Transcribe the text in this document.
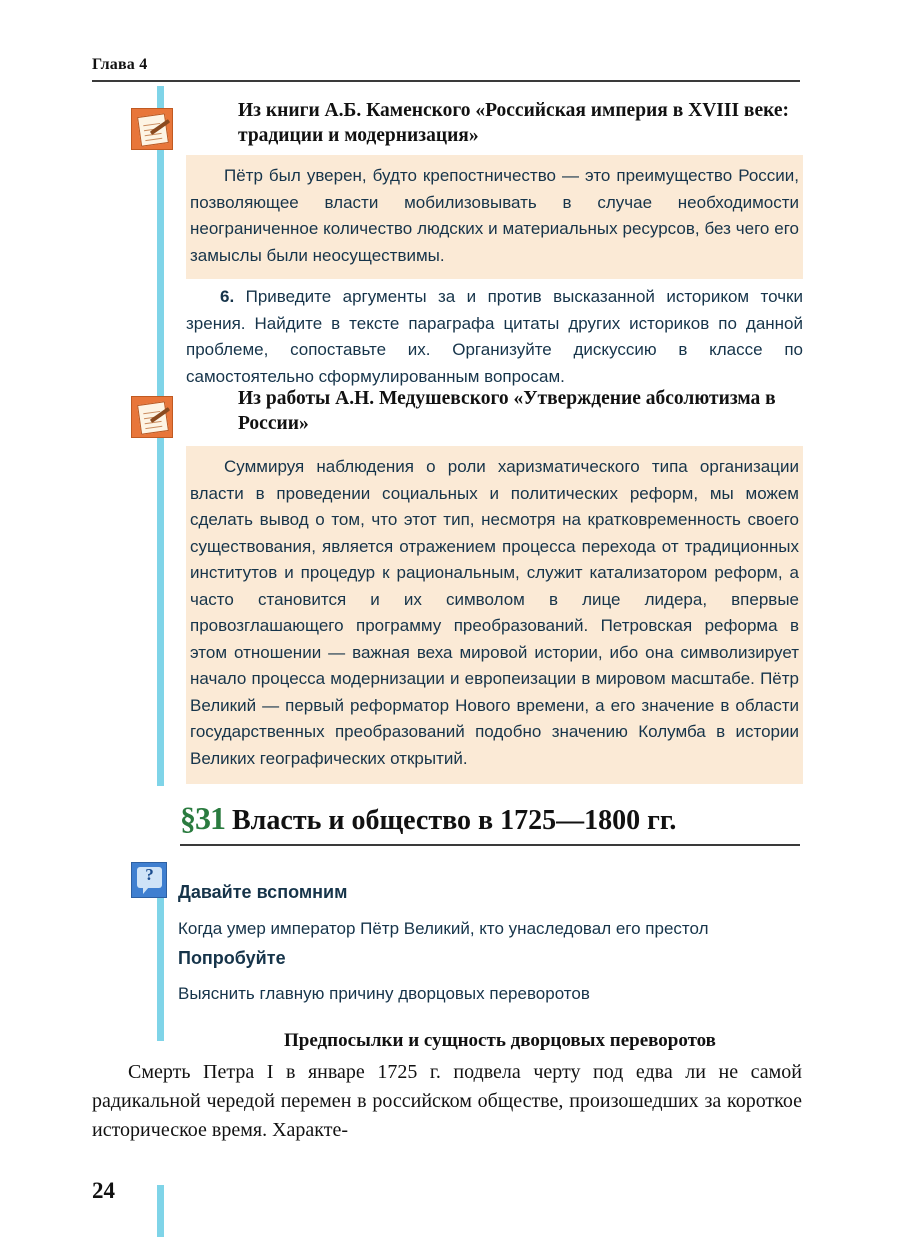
Глава 4
Из книги А.Б. Каменского «Российская империя в XVIII веке: традиции и модернизация»
Пётр был уверен, будто крепостничество — это преимущество России, позволяющее власти мобилизовывать в случае необходимости неограниченное количество людских и материальных ресурсов, без чего его замыслы были неосуществимы.
6. Приведите аргументы за и против высказанной историком точки зрения. Найдите в тексте параграфа цитаты других историков по данной проблеме, сопоставьте их. Организуйте дискуссию в классе по самостоятельно сформулированным вопросам.
Из работы А.Н. Медушевского «Утверждение абсолютизма в России»
Суммируя наблюдения о роли харизматического типа организации власти в проведении социальных и политических реформ, мы можем сделать вывод о том, что этот тип, несмотря на кратковременность своего существования, является отражением процесса перехода от традиционных институтов и процедур к рациональным, служит катализатором реформ, а часто становится и их символом в лице лидера, впервые провозглашающего программу преобразований. Петровская реформа в этом отношении — важная веха мировой истории, ибо она символизирует начало процесса модернизации и европеизации в мировом масштабе. Пётр Великий — первый реформатор Нового времени, а его значение в области государственных преобразований подобно значению Колумба в истории Великих географических открытий.
§31 Власть и общество в 1725—1800 гг.
?
Давайте вспомним
Когда умер император Пётр Великий, кто унаследовал его престол
Попробуйте
Выяснить главную причину дворцовых переворотов
Предпосылки и сущность дворцовых переворотов
Смерть Петра I в январе 1725 г. подвела черту под едва ли не самой радикальной чередой перемен в российском обществе, произошедших за короткое историческое время. Характе-
24
